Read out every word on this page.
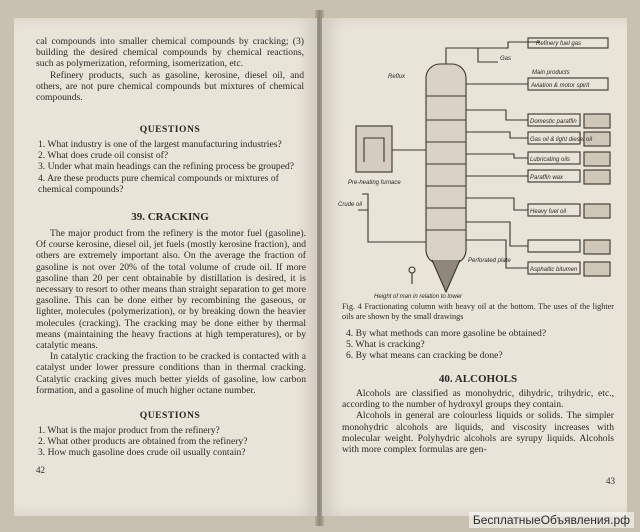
cal compounds into smaller chemical compounds by cracking; (3) building the desired chemical compounds by chemical reactions, such as polymerization, reforming, isomerization, etc.

Refinery products, such as gasoline, kerosine, diesel oil, and others, are not pure chemical compounds but mixtures of chemical compounds.

QUESTIONS
1. What industry is one of the largest manufacturing industries?
2. What does crude oil consist of?
3. Under what main headings can the refining process be grouped?
4. Are these products pure chemical compounds or mixtures of chemical compounds?
39. CRACKING

The major product from the refinery is the motor fuel (gasoline). Of course kerosine, diesel oil, jet fuels (mostly kerosine fraction), and others are extremely important also. On the average the fraction of gasoline is not over 20% of the total volume of crude oil. If more gasoline than 20 per cent obtainable by distillation is desired, it is necessary to resort to other means than straight separation to get more gasoline. This can be done either by recombining the gaseous, or lighter, molecules (polymerization), or by breaking down the heavier molecules (cracking). The cracking may be done either by thermal means (maintaining the heavy fractions at high temperatures), or by catalytic means.

In catalytic cracking the fraction to be cracked is contacted with a catalyst under lower pressure conditions than in thermal cracking. Catalytic cracking gives much better yields of gasoline, low carbon formation, and a gasoline of much higher octane number.

QUESTIONS
1. What is the major product from the refinery?
2. What other products are obtained from the refinery?
3. How much gasoline does crude oil usually contain?
42
Refinery fuel gas
Gas
Reflux
Main products
Aviation & motor spirit
Domestic paraffin
Gas oil & light diesel oil
Lubricating oils
Paraffin wax
Heavy fuel oil
Asphaltic bitumen
Pre-heating furnace
Crude oil
Perforated plate
Height of man in relation to tower
Fig. 4 Fractionating column with heavy oil at the bottom. The uses of the lighter oils are shown by the small drawings
4. By what methods can more gasoline be obtained?
5. What is cracking?
6. By what means can cracking be done?
40. ALCOHOLS

Alcohols are classified as monohydric, dihydric, trihydric, etc., according to the number of hydroxyl groups they contain.

Alcohols in general are colourless liquids or solids. The simpler monohydric alcohols are liquids, and viscosity increases with molecular weight. Polyhydric alcohols are syrupy liquids. Alcohols with more complex formulas are gen-

43
БесплатныеОбъявления.рф
